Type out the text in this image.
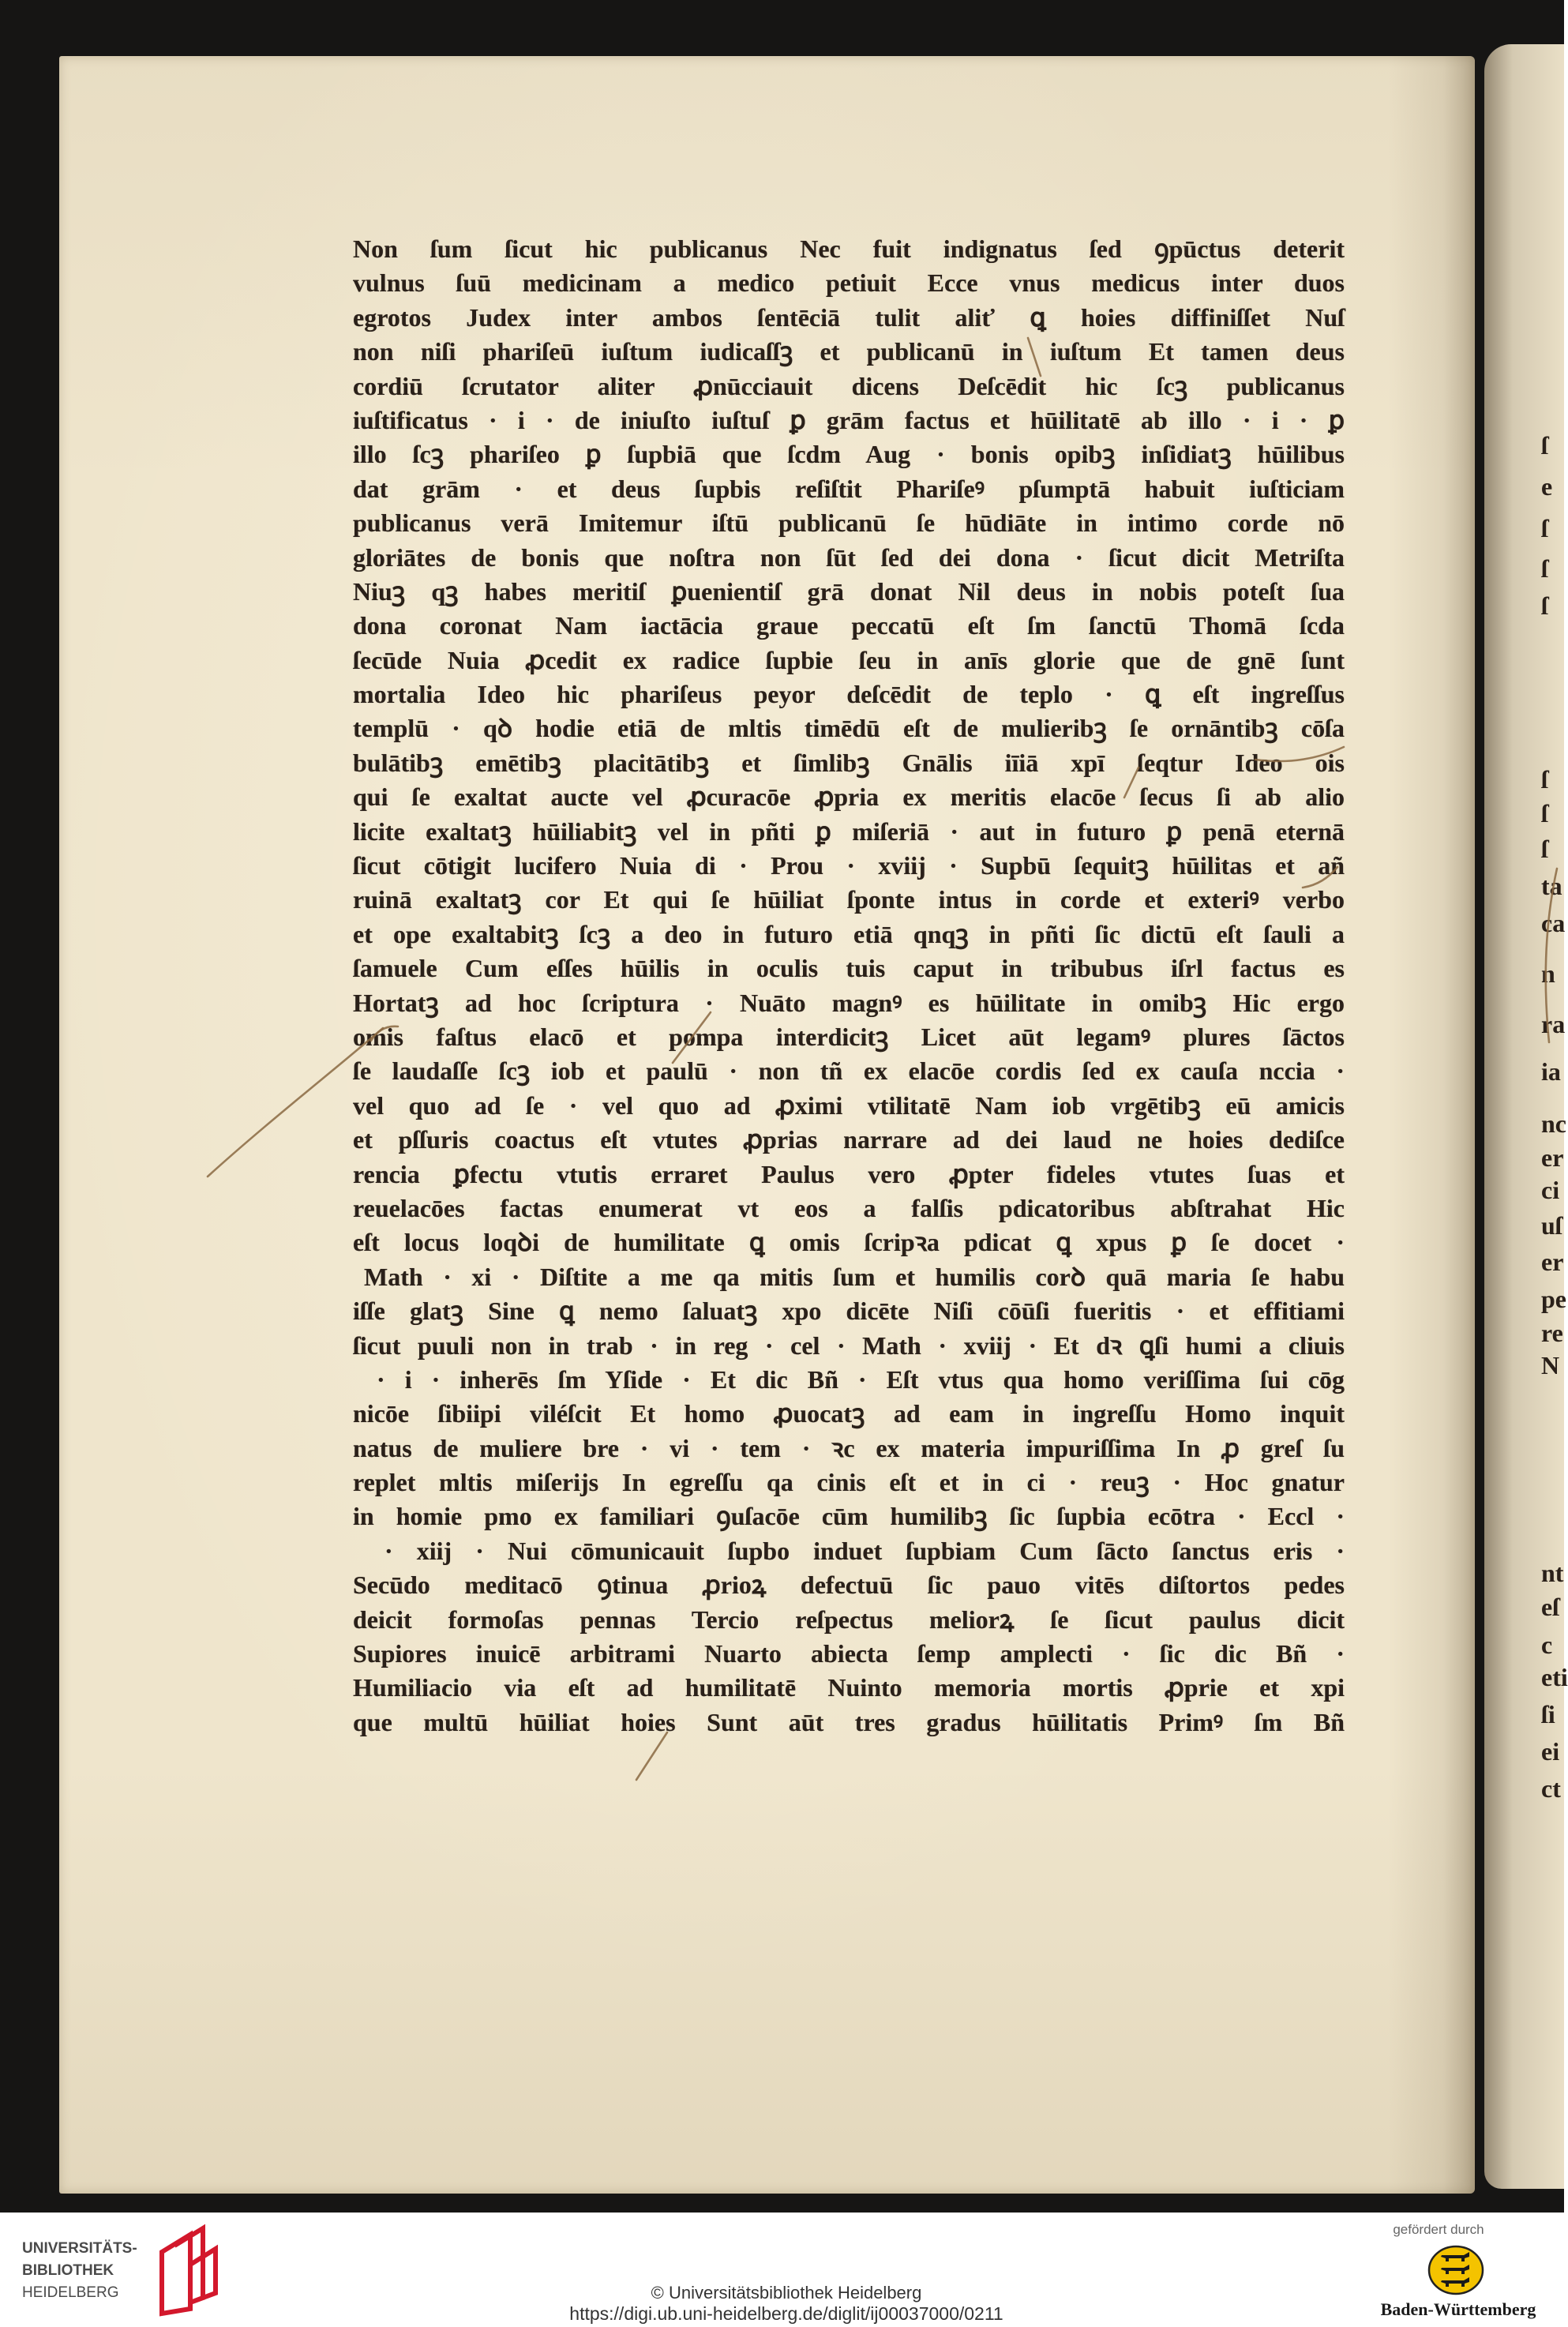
ſ
e
ſ
ſ
ſ
ſ
ſ
ſ
ta
ca
n
ra
ia
nc
er
ci
uſ
er
pe
re
N
nt
eſ
c
eti
ſi
ei
ct
Non ſum ſicut hic publicanus Nec fuit indignatus ſed ꝯpūctus deterit
vulnus ſuū medicinam a medico petiuit Ecce vnus medicus inter duos
egrotos Judex inter ambos ſentēciā tulit aliť ꝗ hoies diffiniſſet Nuſ
non niſi phariſeū iuſtum iudicaſſꝫ et publicanū in iuſtum Et tamen deus
cordiū ſcrutator aliter ꝓnūcciauit dicens Deſcēdit hic ſcꝫ publicanus
iuſtificatus · i · de iniuſto iuſtuſ ꝑ grām factus et hūilitatē ab illo · i · ꝑ
illo ſcꝫ phariſeo ꝑ ſupbiā que ſcdm Aug · bonis opibꝫ inſidiatꝫ hūilibus
dat grām · et deus ſupbis reſiſtit Phariſeꝰ pſumptā habuit iuſticiam
publicanus verā Imitemur iſtū publicanū ſe hūdiāte in intimo corde nō
gloriātes de bonis que noſtra non ſūt ſed dei dona · ſicut dicit Metriſta
Niuꝫ qꝫ habes meritiſ ꝑuenientiſ grā donat Nil deus in nobis poteſt ſua
dona coronat Nam iactācia graue peccatū eſt ſm ſanctū Thomā ſcda
ſecūde Nuia ꝓcedit ex radice ſupbie ſeu in anīs glorie que de gnē ſunt
mortalia Ideo hic phariſeus peyor deſcēdit de teplo · ꝗ eſt ingreſſus
templū · qꝺ hodie etiā de mltis timēdū eſt de mulieribꝫ ſe ornāntibꝫ cōſa
bulātibꝫ emētibꝫ placitātibꝫ et ſimlibꝫ Gnālis iīiā xpī ſeqtur Ideo ois
qui ſe exaltat aucte vel ꝓcuracōe ꝓpria ex meritis elacōe ſecus ſi ab alio
licite exaltatꝫ hūiliabitꝫ vel in pñti ꝑ miſeriā · aut in futuro ꝑ penā eternā
ſicut cōtigit lucifero Nuia di · Prou · xviij · Supbū ſequitꝫ hūilitas et añ
ruinā exaltatꝫ cor Et qui ſe hūiliat ſponte intus in corde et exteriꝰ verbo
et ope exaltabitꝫ ſcꝫ a deo in futuro etiā qnqꝫ in pñti ſic dictū eſt ſauli a
ſamuele Cum eſſes hūilis in oculis tuis caput in tribubus iſrl factus es
Hortatꝫ ad hoc ſcriptura · Nuāto magnꝰ es hūilitate in omibꝫ Hic ergo
omis faſtus elacō et pompa interdicitꝫ Licet aūt legamꝰ plures ſāctos
ſe laudaſſe ſcꝫ iob et paulū · non tñ ex elacōe cordis ſed ex cauſa nccia ·
vel quo ad ſe · vel quo ad ꝓximi vtilitatē Nam iob vrgētibꝫ eū amicis
et pſſuris coactus eſt vtutes ꝓprias narrare ad dei laud ne hoies dediſce
rencia ꝑfectu vtutis erraret Paulus vero ꝓpter fideles vtutes ſuas et
reuelacōes factas enumerat vt eos a falſis pdicatoribus abſtrahat Hic
eſt locus loqꝺi de humilitate ꝗ omis ſcripꝛa pdicat ꝗ xpus ꝑ ſe docet ·
Math · xi · Diſtite a me qa mitis ſum et humilis corꝺ quā maria ſe habu
iſſe glatꝫ Sine ꝗ nemo ſaluatꝫ xpo dicēte Niſi cōūſi fueritis · et effitiami
ſicut puuli non in trab · in reg · cel · Math · xviij · Et dꝛ ꝗſi humi a cliuis
· i · inherēs ſm Yſide · Et dic Bñ · Eſt vtus qua homo veriſſima ſui cōg
nicōe ſibiipi viléſcit Et homo ꝓuocatꝫ ad eam in ingreſſu Homo inquit
natus de muliere bre · vi · tem · ꝛc ex materia impuriſſima In ꝓ greſ ſu
replet mltis miſerijs In egreſſu qa cinis eſt et in ci · reuꝫ · Hoc gnatur
in homie pmo ex familiari ꝯuſacōe cūm humilibꝫ ſic ſupbia ecōtra · Eccl ·
· xiij · Nui cōmunicauit ſupbo induet ſupbiam Cum ſācto ſanctus eris ·
Secūdo meditacō ꝯtinua ꝓrioꝝ defectuū ſic pauo vitēs diſtortos pedes
deicit formoſas pennas Tercio reſpectus meliorꝝ ſe ſicut paulus dicit
Supiores inuicē arbitrami Nuarto abiecta ſemp amplecti · ſic dic Bñ ·
Humiliacio via eſt ad humilitatē Nuinto memoria mortis ꝓprie et xpi
que multū hūiliat hoies Sunt aūt tres gradus hūilitatis Primꝰ ſm Bñ
UNIVERSITÄTS-
BIBLIOTHEK
HEIDELBERG	© Universitätsbibliothek Heidelberg
https://digi.ub.uni-heidelberg.de/diglit/ij00037000/0211
gefördert durch
Baden-Württemberg
